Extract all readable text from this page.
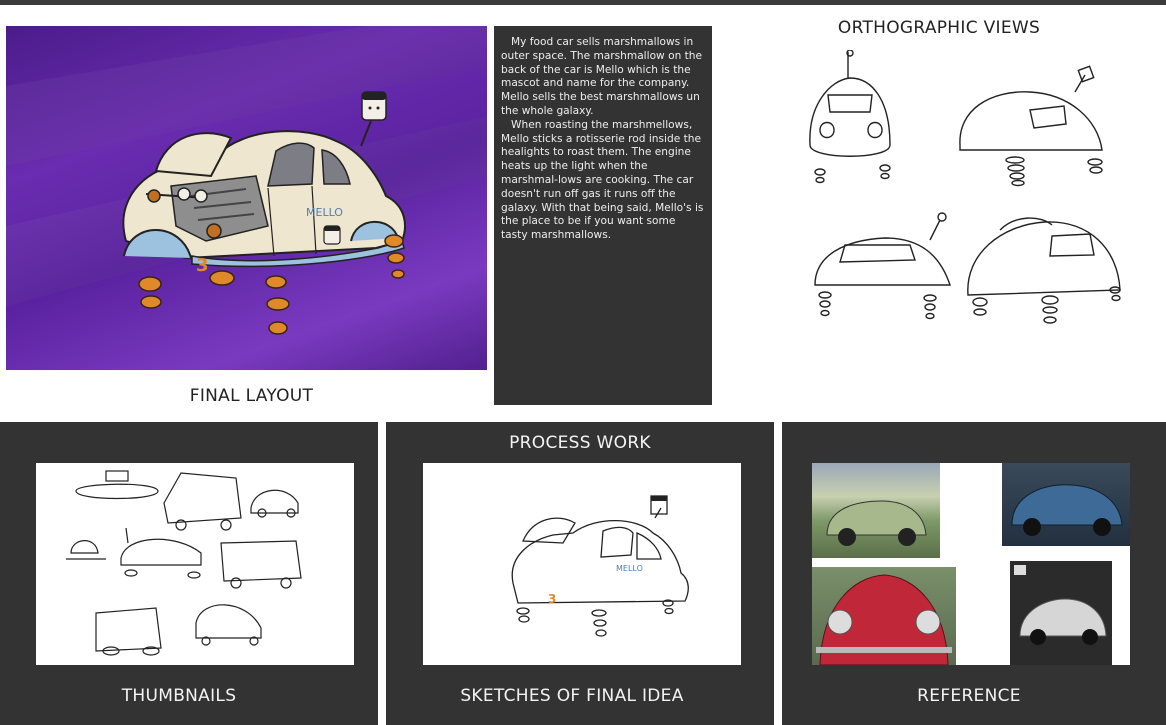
MELLO
3
FINAL LAYOUT

My food car sells marshmallows in outer space. The marshmallow on the back of the car is Mello which is the mascot and name for the company. Mello sells the best marshmallows un the whole galaxy.

When roasting the marshmellows, Mello sticks a rotisserie rod inside the healights to roast them. The engine heats up the light when the marshmal-lows are cooking. The car doesn't run off gas it runs off the galaxy. With that being said, Mello's is the place to be if you want some tasty marshmallows.

ORTHOGRAPHIC VIEWS
THUMBNAILS
PROCESS WORK
MELLO
3
SKETCHES OF FINAL IDEA	REFERENCE
